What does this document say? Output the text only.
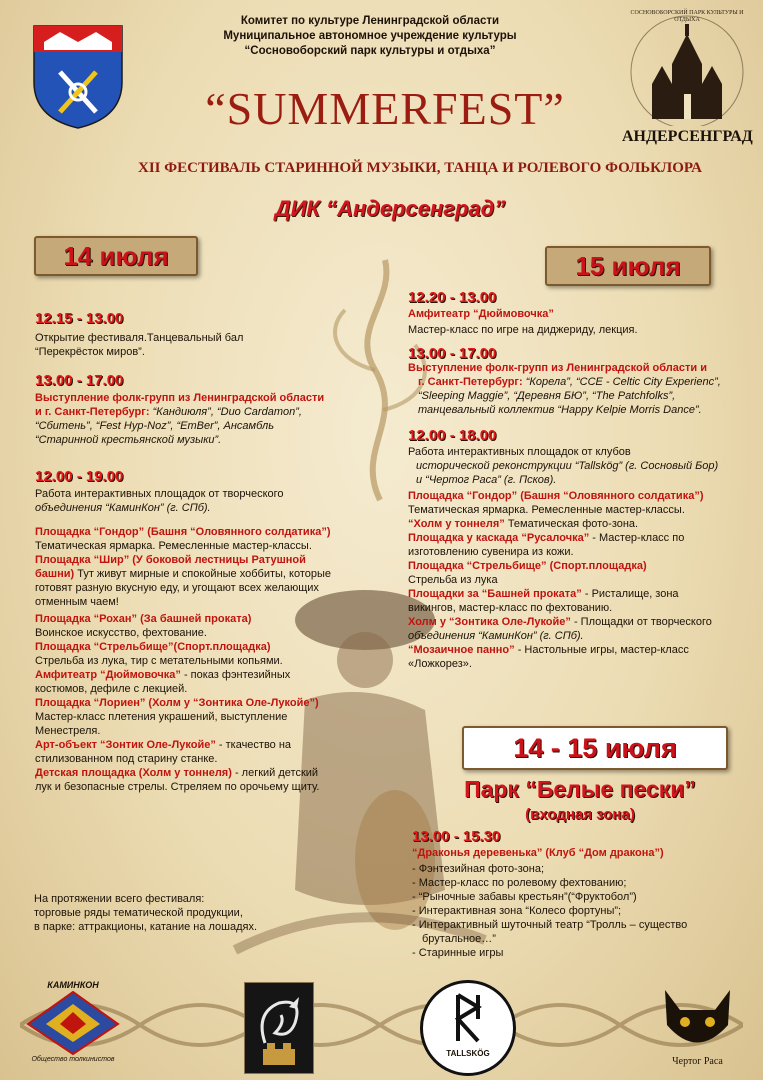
Комитет по культуре Ленинградской области
Муниципальное автономное учреждение культуры
“Сосновоборский парк культуры и отдыха”
СОСНОВОБОРСКИЙ ПАРК КУЛЬТУРЫ И ОТДЫХА
АНДЕРСЕНГРАД
“SUMMERFEST”
XII ФЕСТИВАЛЬ СТАРИННОЙ МУЗЫКИ, ТАНЦА И РОЛЕВОГО ФОЛЬКЛОРА
ДИК “Андерсенград”
14 июля
12.15 - 13.00
Открытие фестиваля.Танцевальный бал
“Перекрёсток миров”.
13.00 - 17.00
Выступление фолк-групп из Ленинградской области
и г. Санкт-Петербург: “Кандиюля”, “Duo Cardamon”,
“Сбитень”, “Fest Hyp-Noz”, “EmBer”, Ансамбль
“Старинной крестьянской музыки”.
12.00 - 19.00
Работа интерактивных площадок от творческого
объединения “КаминКон” (г. СПб).
Площадка “Гондор” (Башня “Оловянного солдатика”)
Тематическая ярмарка. Ремесленные мастер-классы.
Площадка “Шир” (У боковой лестницы Ратушной
башни) Тут живут мирные и спокойные хоббиты, которые
готовят разную вкусную еду, и угощают всех желающих
отменным чаем!
Площадка “Рохан” (За башней проката)
Воинское искусство, фехтование.
Площадка “Стрельбище”(Спорт.площадка)
Стрельба из лука, тир с метательными копьями.
Амфитеатр “Дюймовочка” - показ фэнтезийных
костюмов, дефиле с лекцией.
Площадка “Лориен” (Холм у “Зонтика Оле-Лукойе”)
Мастер-класс плетения украшений, выступление
Менестреля.
Арт-объект “Зонтик Оле-Лукойе” - ткачество на
стилизованном под старину станке.
Детская площадка (Холм у тоннеля) - легкий детский
лук и безопасные стрелы. Стреляем по орочьему щиту.
На протяжении всего фестиваля:
торговые ряды тематической продукции,
в парке: аттракционы, катание на лошадях.
15 июля
12.20 - 13.00
Амфитеатр “Дюймовочка”
Мастер-класс по игре на диджериду, лекция.
13.00 - 17.00
Выступление фолк-групп из Ленинградской области и
г. Санкт-Петербург: “Корела”, “ССЕ - Celtic City Experienc”,
“Sleeping Maggie”, “Деревня БЮ”, “The Patchfolks”,
танцевальный коллектив “Happy Kelpie Morris Dance”.
12.00 - 18.00
Работа интерактивных площадок от клубов
исторической реконструкции “Tallskög” (г. Сосновый Бор)
и “Чертог Раса” (г. Псков).
Площадка “Гондор” (Башня “Оловянного солдатика”)
Тематическая ярмарка. Ремесленные мастер-классы.
“Холм у тоннеля” Тематическая фото-зона.
Площадка у каскада “Русалочка” - Мастер-класс по
изготовлению сувенира из кожи.
Площадка “Стрельбище” (Спорт.площадка)
Стрельба из лука
Площадки за “Башней проката” - Ристалище, зона
викингов, мастер-класс по фехтованию.
Холм у “Зонтика Оле-Лукойе” - Площадки от творческого
объединения “КаминКон” (г. СПб).
“Мозаичное панно” - Настольные игры, мастер-класс
«Ложкорез».
14 - 15 июля
Парк “Белые пески”
(входная зона)
13.00 - 15.30
“Драконья деревенька” (Клуб “Дом дракона”)
- Фэнтезийная фото-зона;
- Мастер-класс по ролевому фехтованию;
- “Рыночные забавы крестьян”(“Фруктобол”)
- Интерактивная зона “Колесо фортуны”;
- Интерактивный шуточный театр “Тролль – существо
брутальное…”
- Старинные игры
КАМИНКОН
Общество толкинистов
TALLSKÖG
Чертог Раса
